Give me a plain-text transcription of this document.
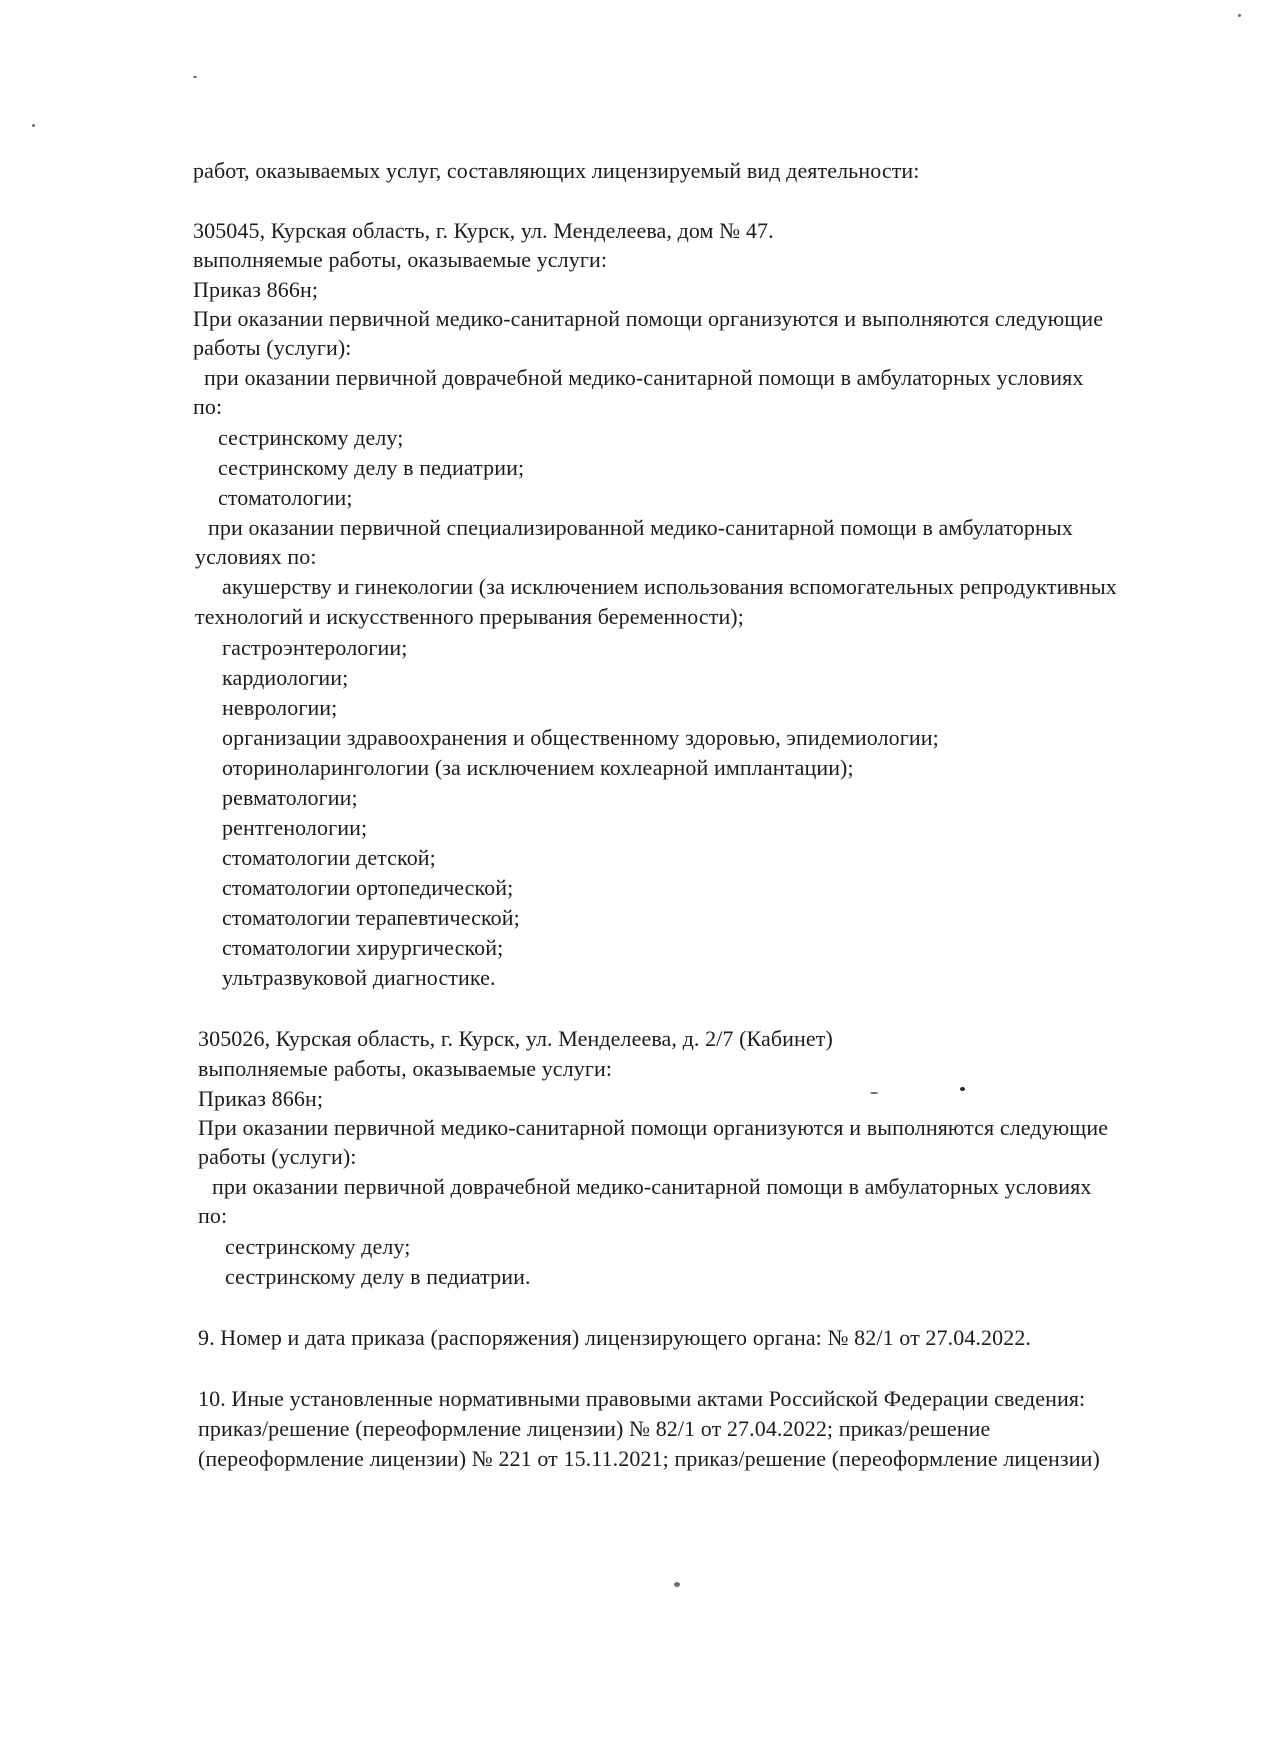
работ, оказываемых услуг, составляющих лицензируемый вид деятельности:
305045, Курская область, г. Курск, ул. Менделеева, дом № 47.
выполняемые работы, оказываемые услуги:
Приказ 866н;
При оказании первичной медико-санитарной помощи организуются и выполняются следующие
работы (услуги):
при оказании первичной доврачебной медико-санитарной помощи в амбулаторных условиях
по:
сестринскому делу;
сестринскому делу в педиатрии;
стоматологии;
при оказании первичной специализированной медико-санитарной помощи в амбулаторных
условиях по:
акушерству и гинекологии (за исключением использования вспомогательных репродуктивных
технологий и искусственного прерывания беременности);
гастроэнтерологии;
кардиологии;
неврологии;
организации здравоохранения и общественному здоровью, эпидемиологии;
оториноларингологии (за исключением кохлеарной имплантации);
ревматологии;
рентгенологии;
стоматологии детской;
стоматологии ортопедической;
стоматологии терапевтической;
стоматологии хирургической;
ультразвуковой диагностике.
305026, Курская область, г. Курск, ул. Менделеева, д. 2/7 (Кабинет)
выполняемые работы, оказываемые услуги:
Приказ 866н;
При оказании первичной медико-санитарной помощи организуются и выполняются следующие
работы (услуги):
при оказании первичной доврачебной медико-санитарной помощи в амбулаторных условиях
по:
сестринскому делу;
сестринскому делу в педиатрии.
9. Номер и дата приказа (распоряжения) лицензирующего органа: № 82/1 от 27.04.2022.
10. Иные установленные нормативными правовыми актами Российской Федерации сведения:
приказ/решение (переоформление лицензии) № 82/1 от 27.04.2022; приказ/решение
(переоформление лицензии) № 221 от 15.11.2021; приказ/решение (переоформление лицензии)
